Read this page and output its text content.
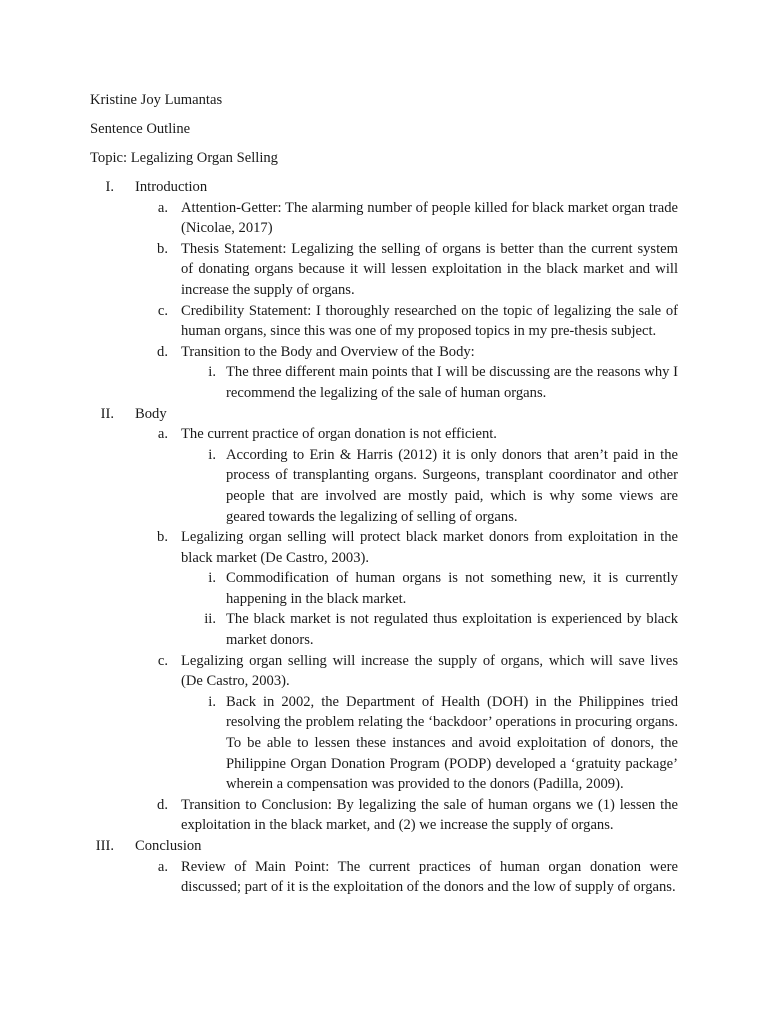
Kristine Joy Lumantas

Sentence Outline

Topic: Legalizing Organ Selling

I. Introduction
a. Attention-Getter: The alarming number of people killed for black market organ trade (Nicolae, 2017)

b. Thesis Statement: Legalizing the selling of organs is better than the current system of donating organs because it will lessen exploitation in the black market and will increase the supply of organs.

c. Credibility Statement: I thoroughly researched on the topic of legalizing the sale of human organs, since this was one of my proposed topics in my pre-thesis subject.

d. Transition to the Body and Overview of the Body:

i. The three different main points that I will be discussing are the reasons why I recommend the legalizing of the sale of human organs.

II. Body
a. The current practice of organ donation is not efficient.

i. According to Erin & Harris (2012) it is only donors that aren’t paid in the process of transplanting organs. Surgeons, transplant coordinator and other people that are involved are mostly paid, which is why some views are geared towards the legalizing of selling of organs.

b. Legalizing organ selling will protect black market donors from exploitation in the black market (De Castro, 2003).

i. Commodification of human organs is not something new, it is currently happening in the black market.

ii. The black market is not regulated thus exploitation is experienced by black market donors.

c. Legalizing organ selling will increase the supply of organs, which will save lives (De Castro, 2003).

i. Back in 2002, the Department of Health (DOH) in the Philippines tried resolving the problem relating the ‘backdoor’ operations in procuring organs. To be able to lessen these instances and avoid exploitation of donors, the Philippine Organ Donation Program (PODP) developed a ‘gratuity package’ wherein a compensation was provided to the donors (Padilla, 2009).

d. Transition to Conclusion: By legalizing the sale of human organs we (1) lessen the exploitation in the black market, and (2) we increase the supply of organs.

III. Conclusion
a. Review of Main Point: The current practices of human organ donation were discussed; part of it is the exploitation of the donors and the low of supply of organs.
